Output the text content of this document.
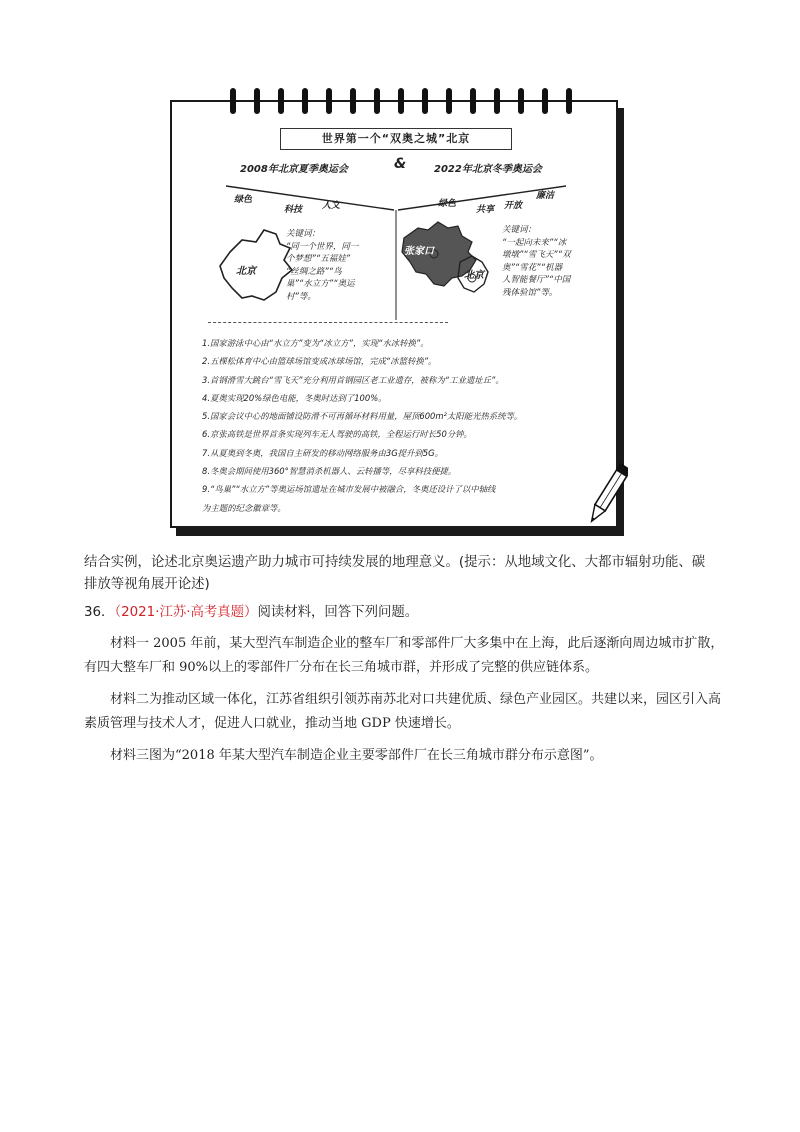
世界第一个“双奥之城”北京
2008年北京夏季奥运会	&	2022年北京冬季奥运会
绿色
科技 人文
北京
关键词：
“同一个世界，同一
个梦想”“五福娃”
“丝绸之路”“鸟
巢”“水立方”“奥运
村”等。
绿色
共享 开放
廉洁
张家口
北京
关键词：
“一起向未来”“冰
墩墩”“雪飞天”“双
奥”“雪花”“机器
人智能餐厅”“中国
残体验馆”等。
1.国家游泳中心由“水立方”变为“冰立方”，实现“水冰转换”。
2.五棵松体育中心由篮球场馆变成冰球场馆，完成“冰篮转换”。
3.首钢滑雪大跳台“雪飞天”充分利用首钢园区老工业遗存，被称为“工业遗址丘”。
4.夏奥实现20%绿色电能，冬奥时达到了100%。
5.国家会议中心的地面铺设防滑不可再循环材料用量，屋顶600m²太阳能光热系统等。
6.京张高铁是世界首条实现列车无人驾驶的高铁，全程运行时长50分钟。
7.从夏奥到冬奥，我国自主研发的移动网络服务由3G提升到5G。
8.冬奥会期间使用360°智慧消杀机器人、云转播等，尽享科技便捷。
9.“鸟巢”“水立方”等奥运场馆遗址在城市发展中被融合，冬奥还设计了以中轴线
为主题的纪念徽章等。
结合实例，论述北京奥运遗产助力城市可持续发展的地理意义。(提示：从地域文化、大都市辐射功能、碳
排放等视角展开论述)
36．（2021·江苏·高考真题）阅读材料，回答下列问题。

材料一 2005 年前，某大型汽车制造企业的整车厂和零部件厂大多集中在上海，此后逐渐向周边城市扩散，有四大整车厂和 90%以上的零部件厂分布在长三角城市群，并形成了完整的供应链体系。

材料二为推动区域一体化，江苏省组织引领苏南苏北对口共建优质、绿色产业园区。共建以来，园区引入高素质管理与技术人才，促进人口就业，推动当地 GDP 快速增长。

材料三图为“2018 年某大型汽车制造企业主要零部件厂在长三角城市群分布示意图”。
